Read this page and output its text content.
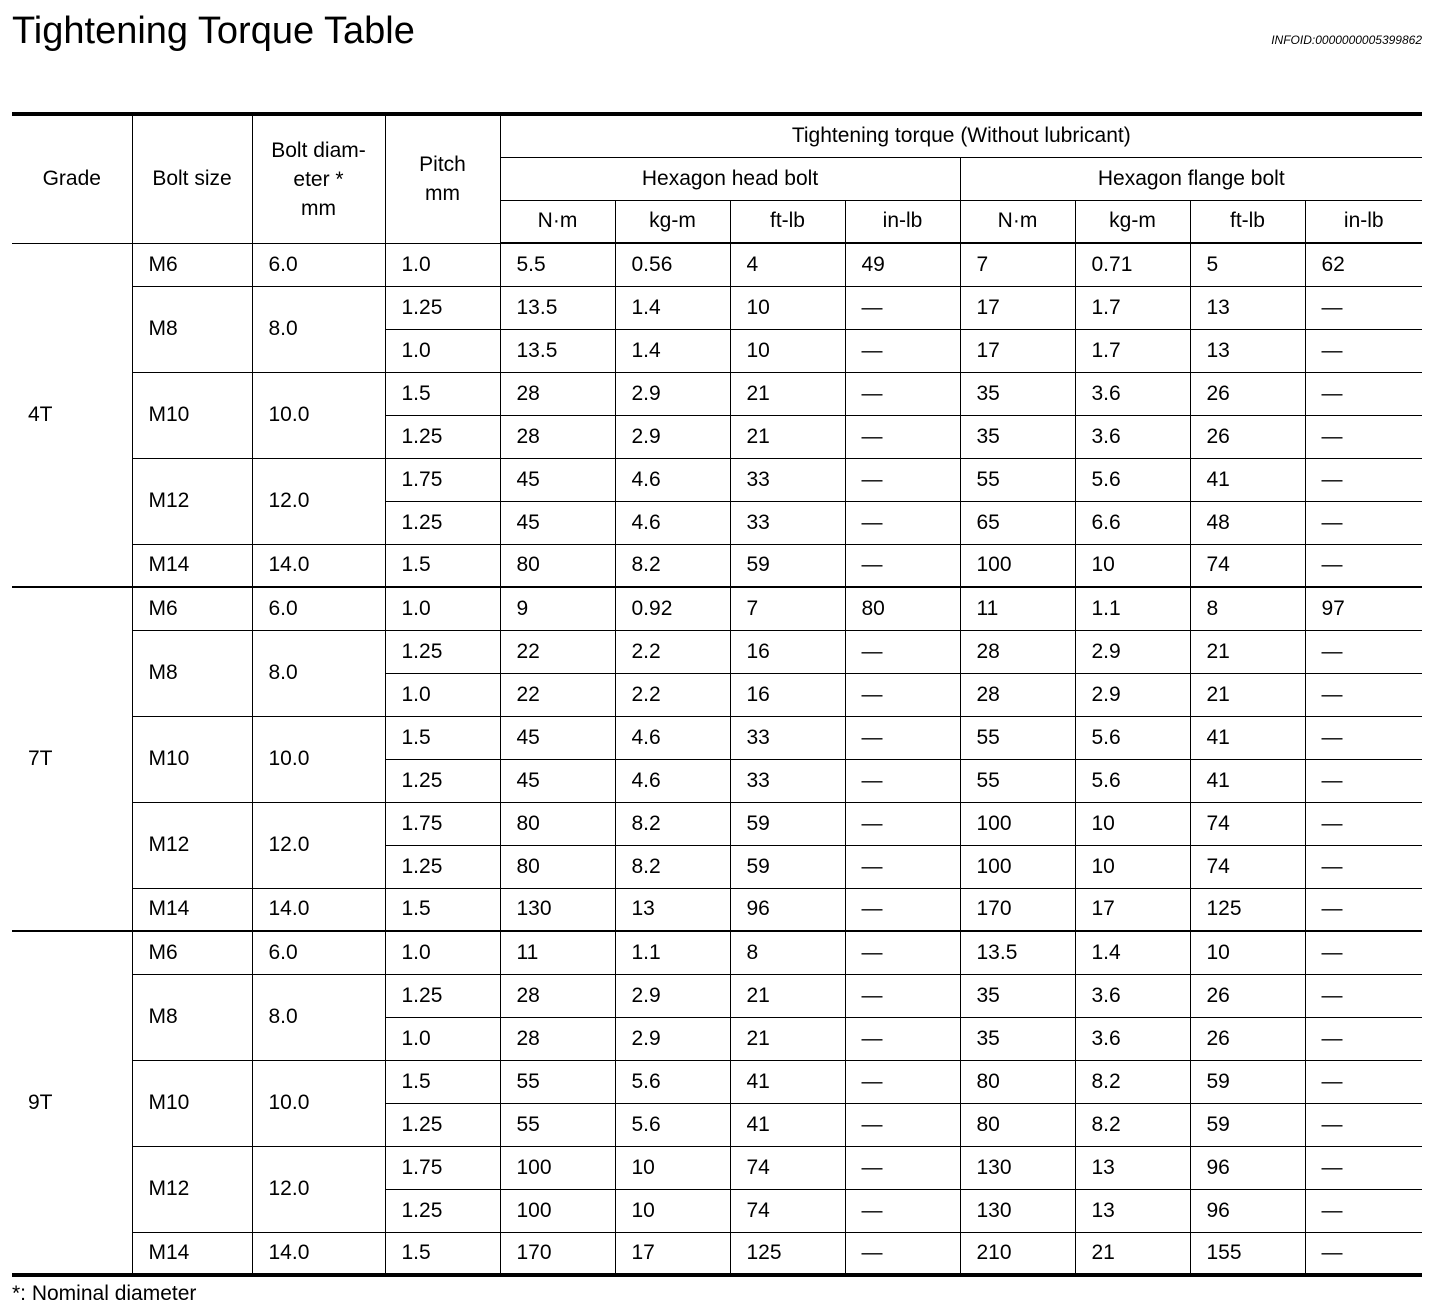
Tightening Torque Table	INFOID:0000000005399862
Grade	Bolt size	Bolt diam-
eter *
mm	Pitch
mm	Tightening torque (Without lubricant)							
				Hexagon head bolt				Hexagon flange bolt			
				N·m	kg-m	ft-lb	in-lb	N·m	kg-m	ft-lb	in-lb
4T	M6	6.0	1.0	5.5	0.56	4	49	7	0.71	5	62
	M8	8.0	1.25	13.5	1.4	10	—	17	1.7	13	—
			1.0	13.5	1.4	10	—	17	1.7	13	—
	M10	10.0	1.5	28	2.9	21	—	35	3.6	26	—
			1.25	28	2.9	21	—	35	3.6	26	—
	M12	12.0	1.75	45	4.6	33	—	55	5.6	41	—
			1.25	45	4.6	33	—	65	6.6	48	—
	M14	14.0	1.5	80	8.2	59	—	100	10	74	—
7T	M6	6.0	1.0	9	0.92	7	80	11	1.1	8	97
	M8	8.0	1.25	22	2.2	16	—	28	2.9	21	—
			1.0	22	2.2	16	—	28	2.9	21	—
	M10	10.0	1.5	45	4.6	33	—	55	5.6	41	—
			1.25	45	4.6	33	—	55	5.6	41	—
	M12	12.0	1.75	80	8.2	59	—	100	10	74	—
			1.25	80	8.2	59	—	100	10	74	—
	M14	14.0	1.5	130	13	96	—	170	17	125	—
9T	M6	6.0	1.0	11	1.1	8	—	13.5	1.4	10	—
	M8	8.0	1.25	28	2.9	21	—	35	3.6	26	—
			1.0	28	2.9	21	—	35	3.6	26	—
	M10	10.0	1.5	55	5.6	41	—	80	8.2	59	—
			1.25	55	5.6	41	—	80	8.2	59	—
	M12	12.0	1.75	100	10	74	—	130	13	96	—
			1.25	100	10	74	—	130	13	96	—
	M14	14.0	1.5	170	17	125	—	210	21	155	—
*: Nominal diameter
